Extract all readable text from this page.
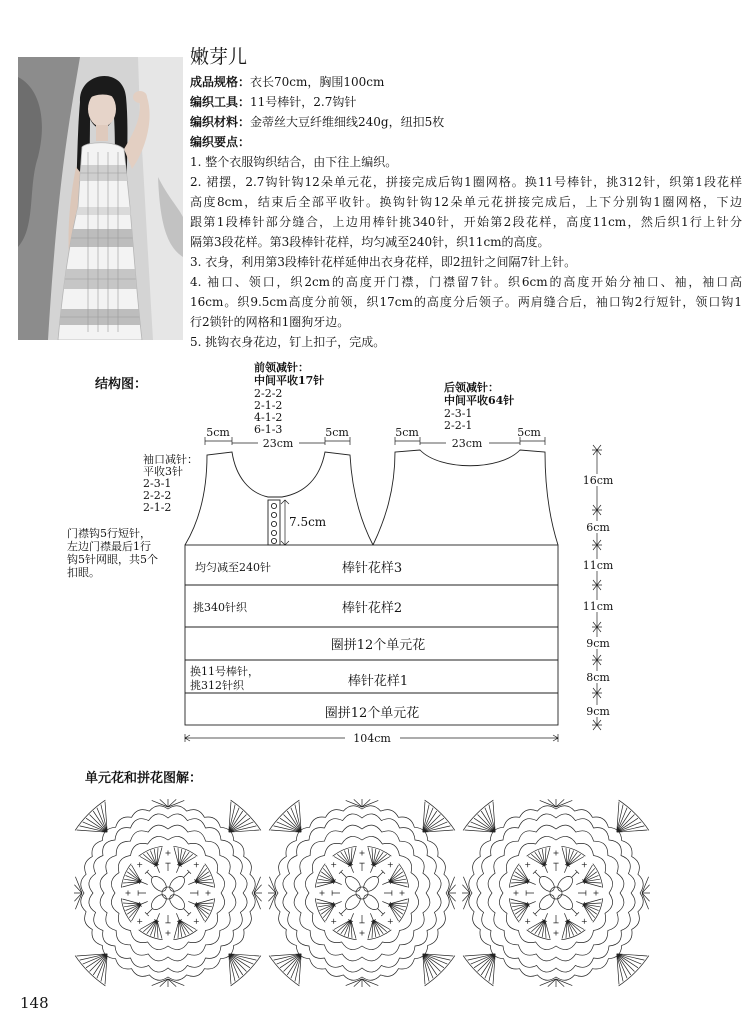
嫩芽儿
成品规格：衣长70cm，胸围100cm
编织工具：11号棒针，2.7钩针
编织材料：金蒂丝大豆纤维细线240g，纽扣5枚
编织要点：
1. 整个衣服钩织结合，由下往上编织。
2. 裙摆，2.7钩针钩12朵单元花，拼接完成后钩1圈网格。换11号棒针，挑312针，织第1段花样
高度8cm，结束后全部平收针。换钩针钩12朵单元花拼接完成后，上下分别钩1圈网格，下边
跟第1段棒针部分缝合，上边用棒针挑340针，开始第2段花样，高度11cm，然后织1行上针分
隔第3段花样。第3段棒针花样，均匀减至240针，织11cm的高度。
3. 衣身，利用第3段棒针花样延伸出衣身花样，即2扭针之间隔7针上针。
4. 袖口、领口，织2cm的高度开门襟，门襟留7针。织6cm的高度开始分袖口、袖，袖口高
16cm。织9.5cm高度分前领，织17cm的高度分后领子。两肩缝合后，袖口钩2行短针，领口钩1
行2锁针的网格和1圈狗牙边。
5. 挑钩衣身花边，钉上扣子，完成。
结构图：
前领减针：
中间平收17针
2-2-2
2-1-2
4-1-2
6-1-3
后领减针：
中间平收64针
2-3-1
2-2-1
袖口减针：
平收3针
2-3-1
2-2-2
2-1-2
门襟钩5行短针，
左边门襟最后1行
钩5针网眼，共5个
扣眼。
5cm
23cm
5cm	5cm
23cm
5cm
7.5cm
均匀减至240针	棒针花样3
挑340针织	棒针花样2
圈拼12个单元花
换11号棒针，
挑312针织	棒针花样1
圈拼12个单元花
104cm
16cm
6cm
11cm
11cm
9cm
8cm
9cm
单元花和拼花图解：
148
